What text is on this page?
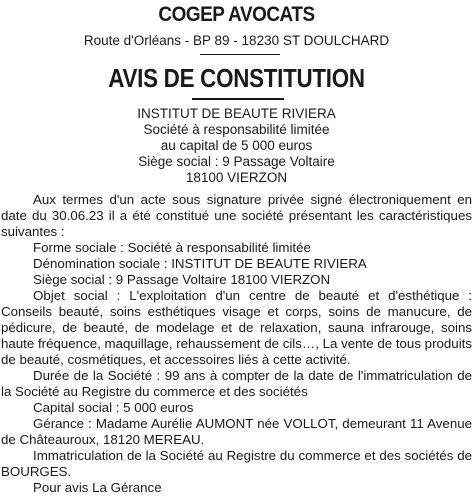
COGEP AVOCATS
Route d'Orléans - BP 89 - 18230 ST DOULCHARD
AVIS DE CONSTITUTION
INSTITUT DE BEAUTE RIVIERA
Société à responsabilité limitée
au capital de 5 000 euros
Siège social : 9 Passage Voltaire
18100 VIERZON

Aux termes d'un acte sous signature privée signé électroniquement en date du 30.06.23 il a été constitué une société présentant les caractéristiques suivantes :

Forme sociale : Société à responsabilité limitée

Dénomination sociale : INSTITUT DE BEAUTE RIVIERA

Siège social : 9 Passage Voltaire 18100 VIERZON

Objet social : L'exploitation d'un centre de beauté et d'esthétique : Conseils beauté, soins esthétiques visage et corps, soins de manucure, de pédicure, de beauté, de modelage et de relaxation, sauna infrarouge, soins haute fréquence, maquillage, rehaussement de cils…, La vente de tous produits de beauté, cosmétiques, et accessoires liés à cette activité.

Durée de la Société : 99 ans à compter de la date de l'immatriculation de la Société au Registre du commerce et des sociétés

Capital social : 5 000 euros

Gérance : Madame Aurélie AUMONT née VOLLOT, demeurant 11 Avenue de Châteauroux, 18120 MEREAU.

Immatriculation de la Société au Registre du commerce et des sociétés de BOURGES.

Pour avis La Gérance
